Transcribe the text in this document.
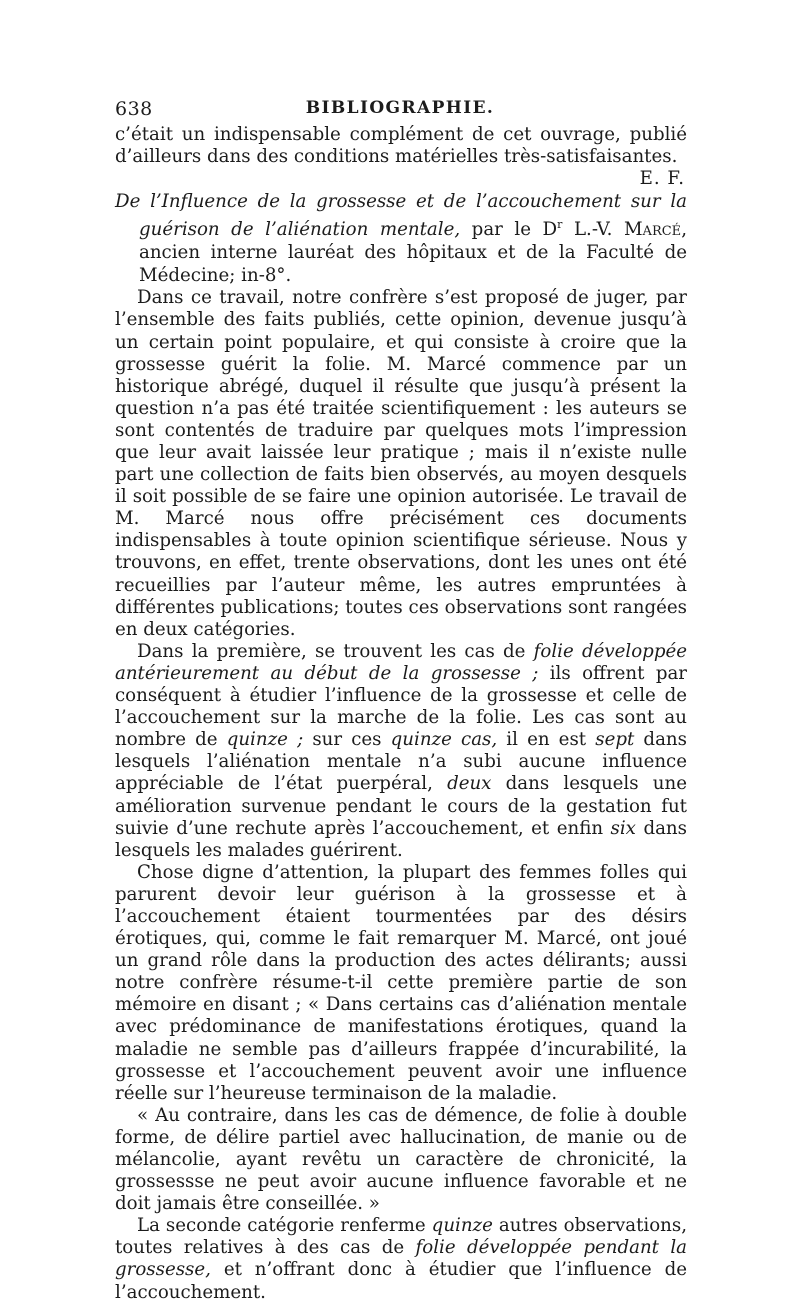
638	BIBLIOGRAPHIE.

c’était un indispensable complément de cet ouvrage, publié d’ailleurs dans des conditions matérielles très-satisfaisantes.

E. F.

De l’Influence de la grossesse et de l’accouchement sur la guérison de l’aliénation mentale, par le $D^r$ L.-V. Marcé, ancien interne lauréat des hôpitaux et de la Faculté de Médecine; in-8°.

Dans ce travail, notre confrère s’est proposé de juger, par l’ensemble des faits publiés, cette opinion, devenue jusqu’à un certain point populaire, et qui consiste à croire que la grossesse guérit la folie. M. Marcé commence par un historique abrégé, duquel il résulte que jusqu’à présent la question n’a pas été traitée scientifiquement : les auteurs se sont contentés de traduire par quelques mots l’impression que leur avait laissée leur pratique ; mais il n’existe nulle part une collection de faits bien observés, au moyen desquels il soit possible de se faire une opinion autorisée. Le travail de M. Marcé nous offre précisément ces documents indispensables à toute opinion scientifique sérieuse. Nous y trouvons, en effet, trente observations, dont les unes ont été recueillies par l’auteur même, les autres empruntées à différentes publications; toutes ces observations sont rangées en deux catégories.

Dans la première, se trouvent les cas de folie développée antérieurement au début de la grossesse ; ils offrent par conséquent à étudier l’influence de la grossesse et celle de l’accouchement sur la marche de la folie. Les cas sont au nombre de quinze ; sur ces quinze cas, il en est sept dans lesquels l’aliénation mentale n’a subi aucune influence appréciable de l’état puerpéral, deux dans lesquels une amélioration survenue pendant le cours de la gestation fut suivie d’une rechute après l’accouchement, et enfin six dans lesquels les malades guérirent.

Chose digne d’attention, la plupart des femmes folles qui parurent devoir leur guérison à la grossesse et à l’accouchement étaient tourmentées par des désirs érotiques, qui, comme le fait remarquer M. Marcé, ont joué un grand rôle dans la production des actes délirants; aussi notre confrère résume-t-il cette première partie de son mémoire en disant ; « Dans certains cas d’aliénation mentale avec prédominance de manifestations érotiques, quand la maladie ne semble pas d’ailleurs frappée d’incurabilité, la grossesse et l’accouchement peuvent avoir une influence réelle sur l’heureuse terminaison de la maladie.

« Au contraire, dans les cas de démence, de folie à double forme, de délire partiel avec hallucination, de manie ou de mélancolie, ayant revêtu un caractère de chronicité, la grossessse ne peut avoir aucune influence favorable et ne doit jamais être conseillée. »

La seconde catégorie renferme quinze autres observations, toutes relatives à des cas de folie développée pendant la grossesse, et n’offrant donc à étudier que l’influence de l’accouchement.
